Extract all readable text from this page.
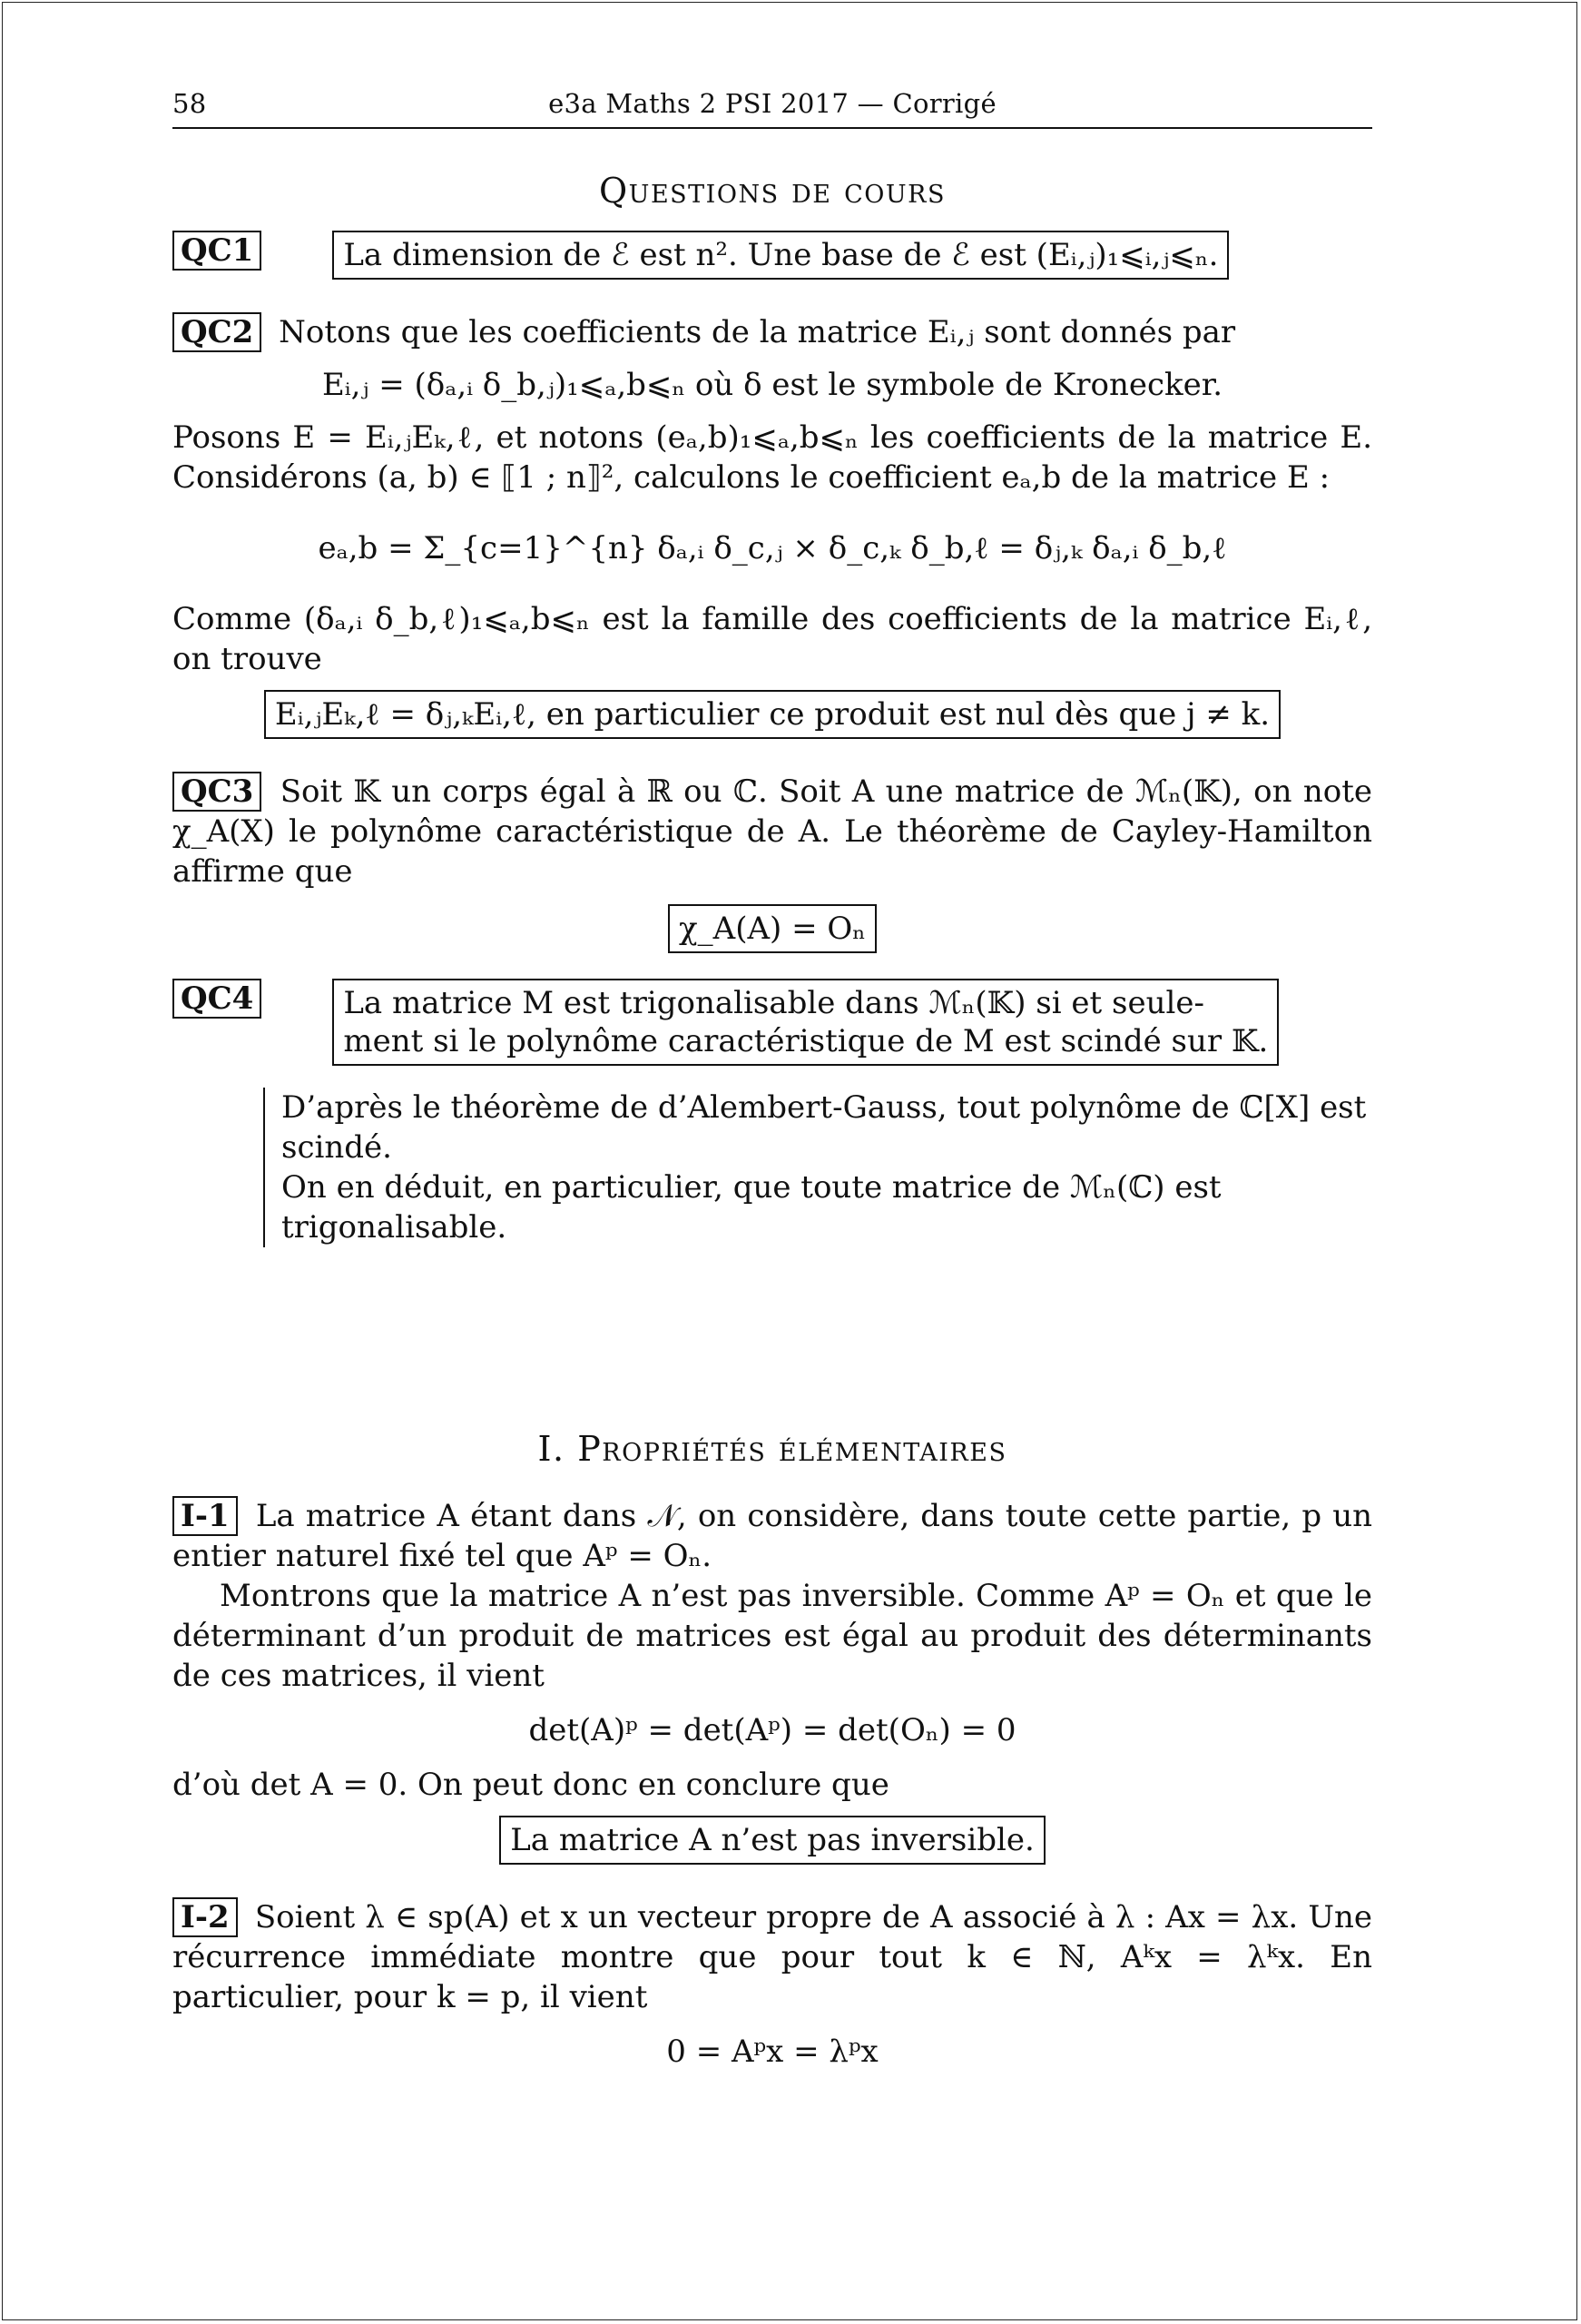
58	e3a Maths 2 PSI 2017 — Corrigé
Questions de cours
QC1	La dimension de ℰ est n². Une base de ℰ est (Eᵢ,ⱼ)₁⩽ᵢ,ⱼ⩽ₙ.

QC2 Notons que les coefficients de la matrice Eᵢ,ⱼ sont donnés par

Eᵢ,ⱼ = (δₐ,ᵢ δ_b,ⱼ)₁⩽ₐ,b⩽ₙ où δ est le symbole de Kronecker.

Posons E = Eᵢ,ⱼEₖ,ℓ, et notons (eₐ,b)₁⩽ₐ,b⩽ₙ les coefficients de la matrice E. Considérons (a, b) ∈ ⟦1 ; n⟧², calculons le coefficient eₐ,b de la matrice E :

eₐ,b = Σ_{c=1}^{n} δₐ,ᵢ δ_c,ⱼ × δ_c,ₖ δ_b,ℓ = δⱼ,ₖ δₐ,ᵢ δ_b,ℓ

Comme (δₐ,ᵢ δ_b,ℓ)₁⩽ₐ,b⩽ₙ est la famille des coefficients de la matrice Eᵢ,ℓ, on trouve

Eᵢ,ⱼEₖ,ℓ = δⱼ,ₖEᵢ,ℓ, en particulier ce produit est nul dès que j ≠ k.

QC3 Soit 𝕂 un corps égal à ℝ ou ℂ. Soit A une matrice de ℳₙ(𝕂), on note χ_A(X) le polynôme caractéristique de A. Le théorème de Cayley-Hamilton affirme que

χ_A(A) = Oₙ
QC4	La matrice M est trigonalisable dans ℳₙ(𝕂) si et seule-
ment si le polynôme caractéristique de M est scindé sur 𝕂.
D’après le théorème de d’Alembert-Gauss, tout polynôme de ℂ[X] est scindé.
On en déduit, en particulier, que toute matrice de ℳₙ(ℂ) est trigonalisable.
I. Propriétés élémentaires

I-1 La matrice A étant dans 𝒩, on considère, dans toute cette partie, p un entier naturel fixé tel que Aᵖ = Oₙ.

Montrons que la matrice A n’est pas inversible. Comme Aᵖ = Oₙ et que le déterminant d’un produit de matrices est égal au produit des déterminants de ces matrices, il vient

det(A)ᵖ = det(Aᵖ) = det(Oₙ) = 0

d’où det A = 0. On peut donc en conclure que

La matrice A n’est pas inversible.

I-2 Soient λ ∈ sp(A) et x un vecteur propre de A associé à λ : Ax = λx. Une récurrence immédiate montre que pour tout k ∈ ℕ, Aᵏx = λᵏx. En particulier, pour k = p, il vient

0 = Aᵖx = λᵖx
